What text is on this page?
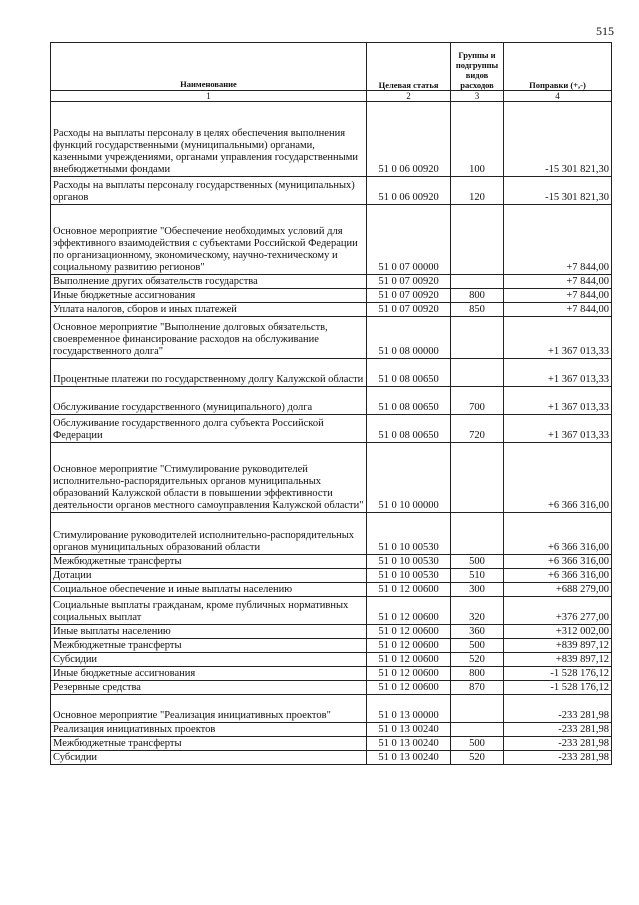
515
Наименование	Целевая статья	Группы и подгруппы видов расходов	Поправки (+,-)
1	2	3	4
Расходы на выплаты персоналу в целях обеспечения выполнения функций государственными (муниципальными) органами, казенными учреждениями, органами управления государственными внебюджетными фондами	51 0 06 00920	100	-15 301 821,30
Расходы на выплаты персоналу государственных (муниципальных) органов	51 0 06 00920	120	-15 301 821,30
Основное мероприятие "Обеспечение необходимых условий для эффективного взаимодействия с субъектами Российской Федерации по организационному, экономическому, научно-техническому и социальному развитию регионов"	51 0 07 00000		+7 844,00
Выполнение других обязательств государства	51 0 07 00920		+7 844,00
Иные бюджетные ассигнования	51 0 07 00920	800	+7 844,00
Уплата налогов, сборов и иных платежей	51 0 07 00920	850	+7 844,00
Основное мероприятие "Выполнение долговых обязательств, своевременное финансирование расходов на обслуживание государственного долга"	51 0 08 00000		+1 367 013,33
Процентные платежи по государственному долгу Калужской области	51 0 08 00650		+1 367 013,33
Обслуживание государственного (муниципального) долга	51 0 08 00650	700	+1 367 013,33
Обслуживание государственного долга субъекта Российской Федерации	51 0 08 00650	720	+1 367 013,33
Основное мероприятие "Стимулирование руководителей исполнительно-распорядительных органов муниципальных образований Калужской области в повышении эффективности деятельности органов местного самоуправления Калужской области"	51 0 10 00000		+6 366 316,00
Стимулирование руководителей исполнительно-распорядительных органов муниципальных образований области	51 0 10 00530		+6 366 316,00
Межбюджетные трансферты	51 0 10 00530	500	+6 366 316,00
Дотации	51 0 10 00530	510	+6 366 316,00
Социальное обеспечение и иные выплаты населению	51 0 12 00600	300	+688 279,00
Социальные выплаты гражданам, кроме публичных нормативных социальных выплат	51 0 12 00600	320	+376 277,00
Иные выплаты населению	51 0 12 00600	360	+312 002,00
Межбюджетные трансферты	51 0 12 00600	500	+839 897,12
Субсидии	51 0 12 00600	520	+839 897,12
Иные бюджетные ассигнования	51 0 12 00600	800	-1 528 176,12
Резервные средства	51 0 12 00600	870	-1 528 176,12
Основное мероприятие "Реализация инициативных проектов"	51 0 13 00000		-233 281,98
Реализация инициативных проектов	51 0 13 00240		-233 281,98
Межбюджетные трансферты	51 0 13 00240	500	-233 281,98
Субсидии	51 0 13 00240	520	-233 281,98
